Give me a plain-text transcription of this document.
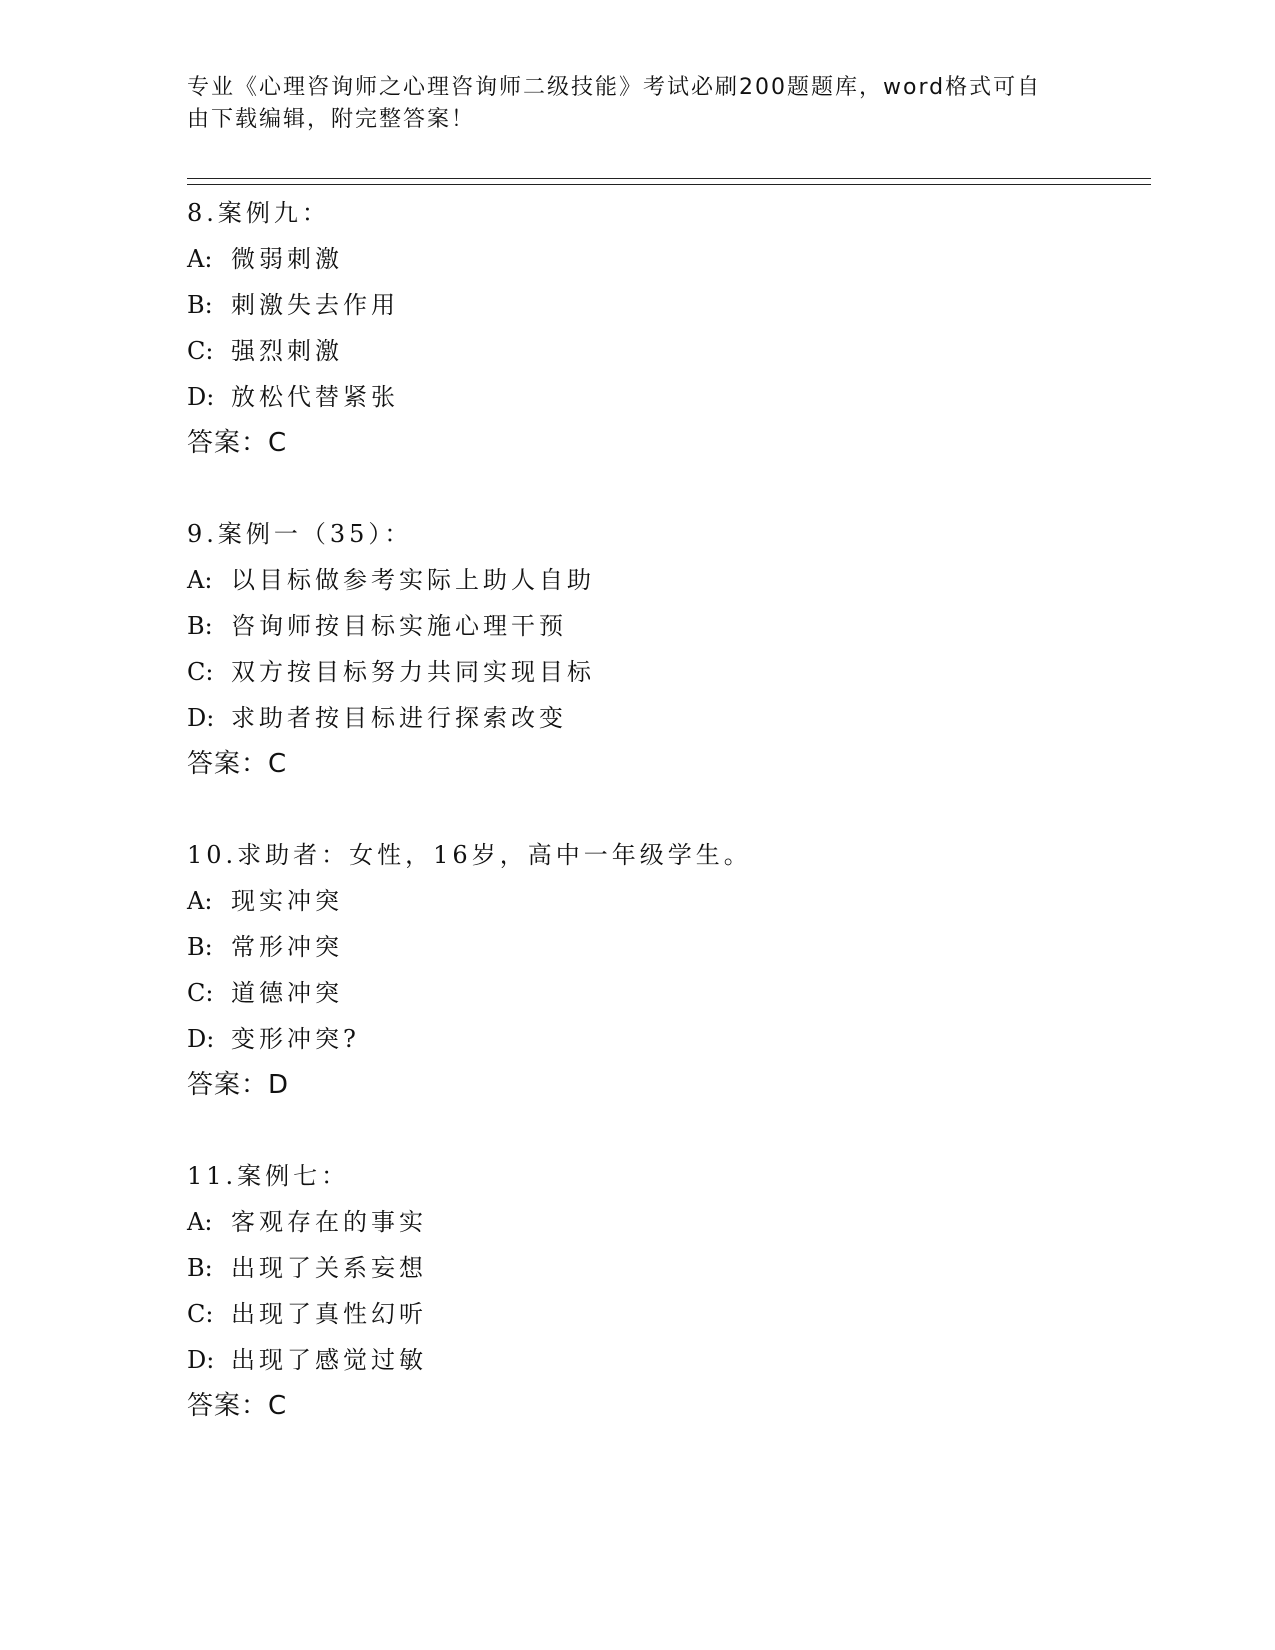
专业《心理咨询师之心理咨询师二级技能》考试必刷200题题库，word格式可自
由下载编辑，附完整答案！
8.案例九：
A: 微弱刺激
B: 刺激失去作用
C: 强烈刺激
D: 放松代替紧张
答案：C
9.案例一（35）：
A: 以目标做参考实际上助人自助
B: 咨询师按目标实施心理干预
C: 双方按目标努力共同实现目标
D: 求助者按目标进行探索改变
答案：C
10.求助者：女性，16岁，高中一年级学生。
A: 现实冲突
B: 常形冲突
C: 道德冲突
D: 变形冲突?
答案：D
11.案例七：
A: 客观存在的事实
B: 出现了关系妄想
C: 出现了真性幻听
D: 出现了感觉过敏
答案：C
